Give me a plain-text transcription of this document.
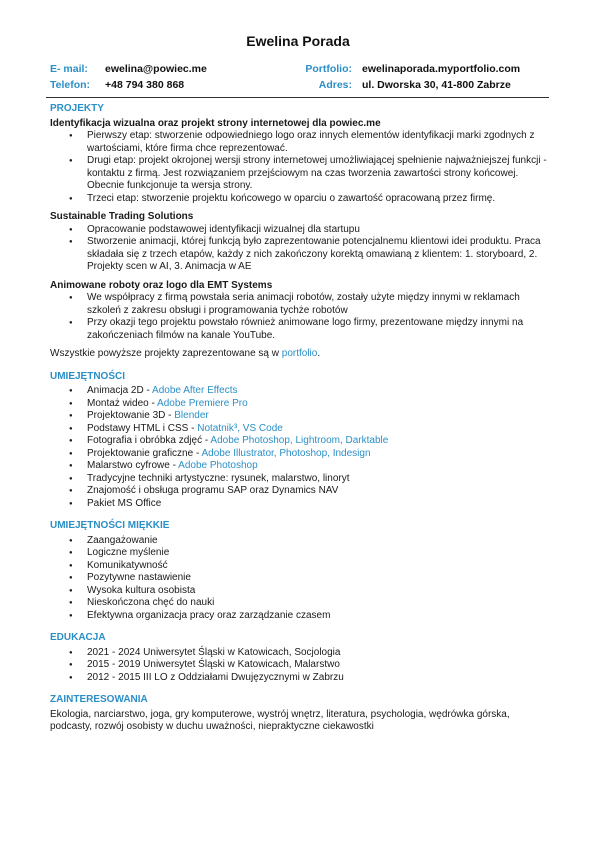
Ewelina Porada
E- mail: ewelina@powiec.me
Telefon: +48 794 380 868
Portfolio: ewelinaporada.myportfolio.com
Adres: ul. Dworska 30, 41-800 Zabrze
PROJEKTY

Identyfikacja wizualna oraz projekt strony internetowej dla powiec.me

● Pierwszy etap: stworzenie odpowiedniego logo oraz innych elementów identyfikacji marki zgodnych z wartościami, które firma chce reprezentować.
● Drugi etap: projekt okrojonej wersji strony internetowej umożliwiającej spełnienie najważniejszej funkcji - kontaktu z firmą. Jest rozwiązaniem przejściowym na czas tworzenia zawartości strony końcowej. Obecnie funkcjonuje ta wersja strony.
● Trzeci etap: stworzenie projektu końcowego w oparciu o zawartość opracowaną przez firmę.

Sustainable Trading Solutions

● Opracowanie podstawowej identyfikacji wizualnej dla startupu
● Stworzenie animacji, której funkcją było zaprezentowanie potencjalnemu klientowi idei produktu. Praca składała się z trzech etapów, każdy z nich zakończony korektą omawianą z klientem: 1. storyboard, 2. Projekty scen w AI, 3. Animacja w AE

Animowane roboty oraz logo dla EMT Systems

● We współpracy z firmą powstała seria animacji robotów, zostały użyte między innymi w reklamach szkoleń z zakresu obsługi i programowania tychże robotów
● Przy okazji tego projektu powstało również animowane logo firmy, prezentowane między innymi na zakończeniach filmów na kanale YouTube.

Wszystkie powyższe projekty zaprezentowane są w portfolio.

UMIEJĘTNOŚCI
● Animacja 2D - Adobe After Effects
● Montaż wideo - Adobe Premiere Pro
● Projektowanie 3D - Blender
● Podstawy HTML i CSS - Notatnik³, VS Code
● Fotografia i obróbka zdjęć - Adobe Photoshop, Lightroom, Darktable
● Projektowanie graficzne - Adobe Illustrator, Photoshop, Indesign
● Malarstwo cyfrowe - Adobe Photoshop
● Tradycyjne techniki artystyczne: rysunek, malarstwo, linoryt
● Znajomość i obsługa programu SAP oraz Dynamics NAV
● Pakiet MS Office
UMIEJĘTNOŚCI MIĘKKIE
● Zaangażowanie
● Logiczne myślenie
● Komunikatywność
● Pozytywne nastawienie
● Wysoka kultura osobista
● Nieskończona chęć do nauki
● Efektywna organizacja pracy oraz zarządzanie czasem
EDUKACJA
● 2021 - 2024 Uniwersytet Śląski w Katowicach, Socjologia
● 2015 - 2019 Uniwersytet Śląski w Katowicach, Malarstwo
● 2012 - 2015 III LO z Oddziałami Dwujęzycznymi w Zabrzu
ZAINTERESOWANIA

Ekologia, narciarstwo, joga, gry komputerowe, wystrój wnętrz, literatura, psychologia, wędrówka górska, podcasty, rozwój osobisty w duchu uważności, niepraktyczne ciekawostki
